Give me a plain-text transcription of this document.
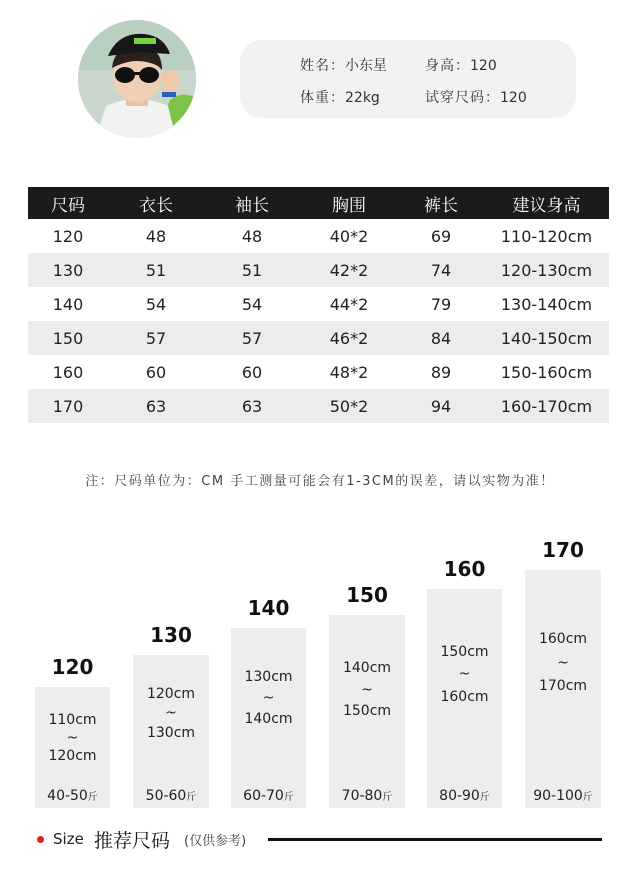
姓名：小东星	身高：120
体重：22kg	试穿尺码：120
尺码	衣长	袖长	胸围	裤长	建议身高
120	48	48	40*2	69	110-120cm
130	51	51	42*2	74	120-130cm
140	54	54	44*2	79	130-140cm
150	57	57	46*2	84	140-150cm
160	60	60	48*2	89	150-160cm
170	63	63	50*2	94	160-170cm
注：尺码单位为：CM 手工测量可能会有1-3CM的误差，请以实物为准！
120
110cm
~
120cm
40-50斤
130
120cm
~
130cm
50-60斤
140
130cm
~
140cm
60-70斤
150
140cm
~
150cm
70-80斤
160
150cm
~
160cm
80-90斤
170
160cm
~
170cm
90-100斤
Size 推荐尺码 (仅供参考)
